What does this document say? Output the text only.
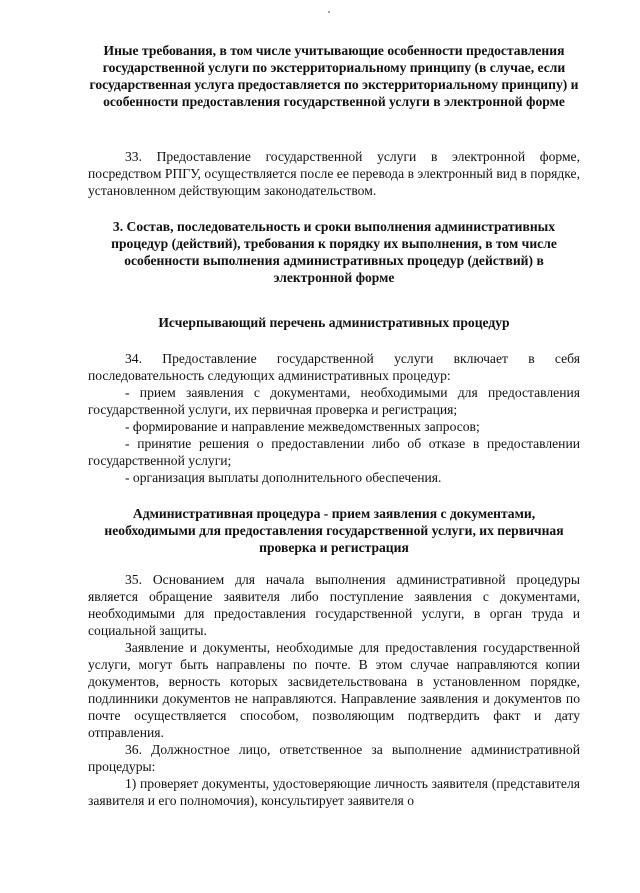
Иные требования, в том числе учитывающие особенности предоставления государственной услуги по экстерриториальному принципу (в случае, если государственная услуга предоставляется по экстерриториальному принципу) и особенности предоставления государственной услуги в электронной форме
33. Предоставление государственной услуги в электронной форме, посредством РПГУ, осуществляется после ее перевода в электронный вид в порядке, установленном действующим законодательством.
3. Состав, последовательность и сроки выполнения административных процедур (действий), требования к порядку их выполнения, в том числе особенности выполнения административных процедур (действий) в электронной форме
Исчерпывающий перечень административных процедур
34. Предоставление государственной услуги включает в себя последовательность следующих административных процедур:
- прием заявления с документами, необходимыми для предоставления государственной услуги, их первичная проверка и регистрация;
- формирование и направление межведомственных запросов;
- принятие решения о предоставлении либо об отказе в предоставлении государственной услуги;
- организация выплаты дополнительного обеспечения.
Административная процедура - прием заявления с документами, необходимыми для предоставления государственной услуги, их первичная проверка и регистрация
35. Основанием для начала выполнения административной процедуры является обращение заявителя либо поступление заявления с документами, необходимыми для предоставления государственной услуги, в орган труда и социальной защиты.
Заявление и документы, необходимые для предоставления государственной услуги, могут быть направлены по почте. В этом случае направляются копии документов, верность которых засвидетельствована в установленном порядке, подлинники документов не направляются. Направление заявления и документов по почте осуществляется способом, позволяющим подтвердить факт и дату отправления.
36. Должностное лицо, ответственное за выполнение административной процедуры:
1) проверяет документы, удостоверяющие личность заявителя (представителя заявителя и его полномочия), консультирует заявителя о
